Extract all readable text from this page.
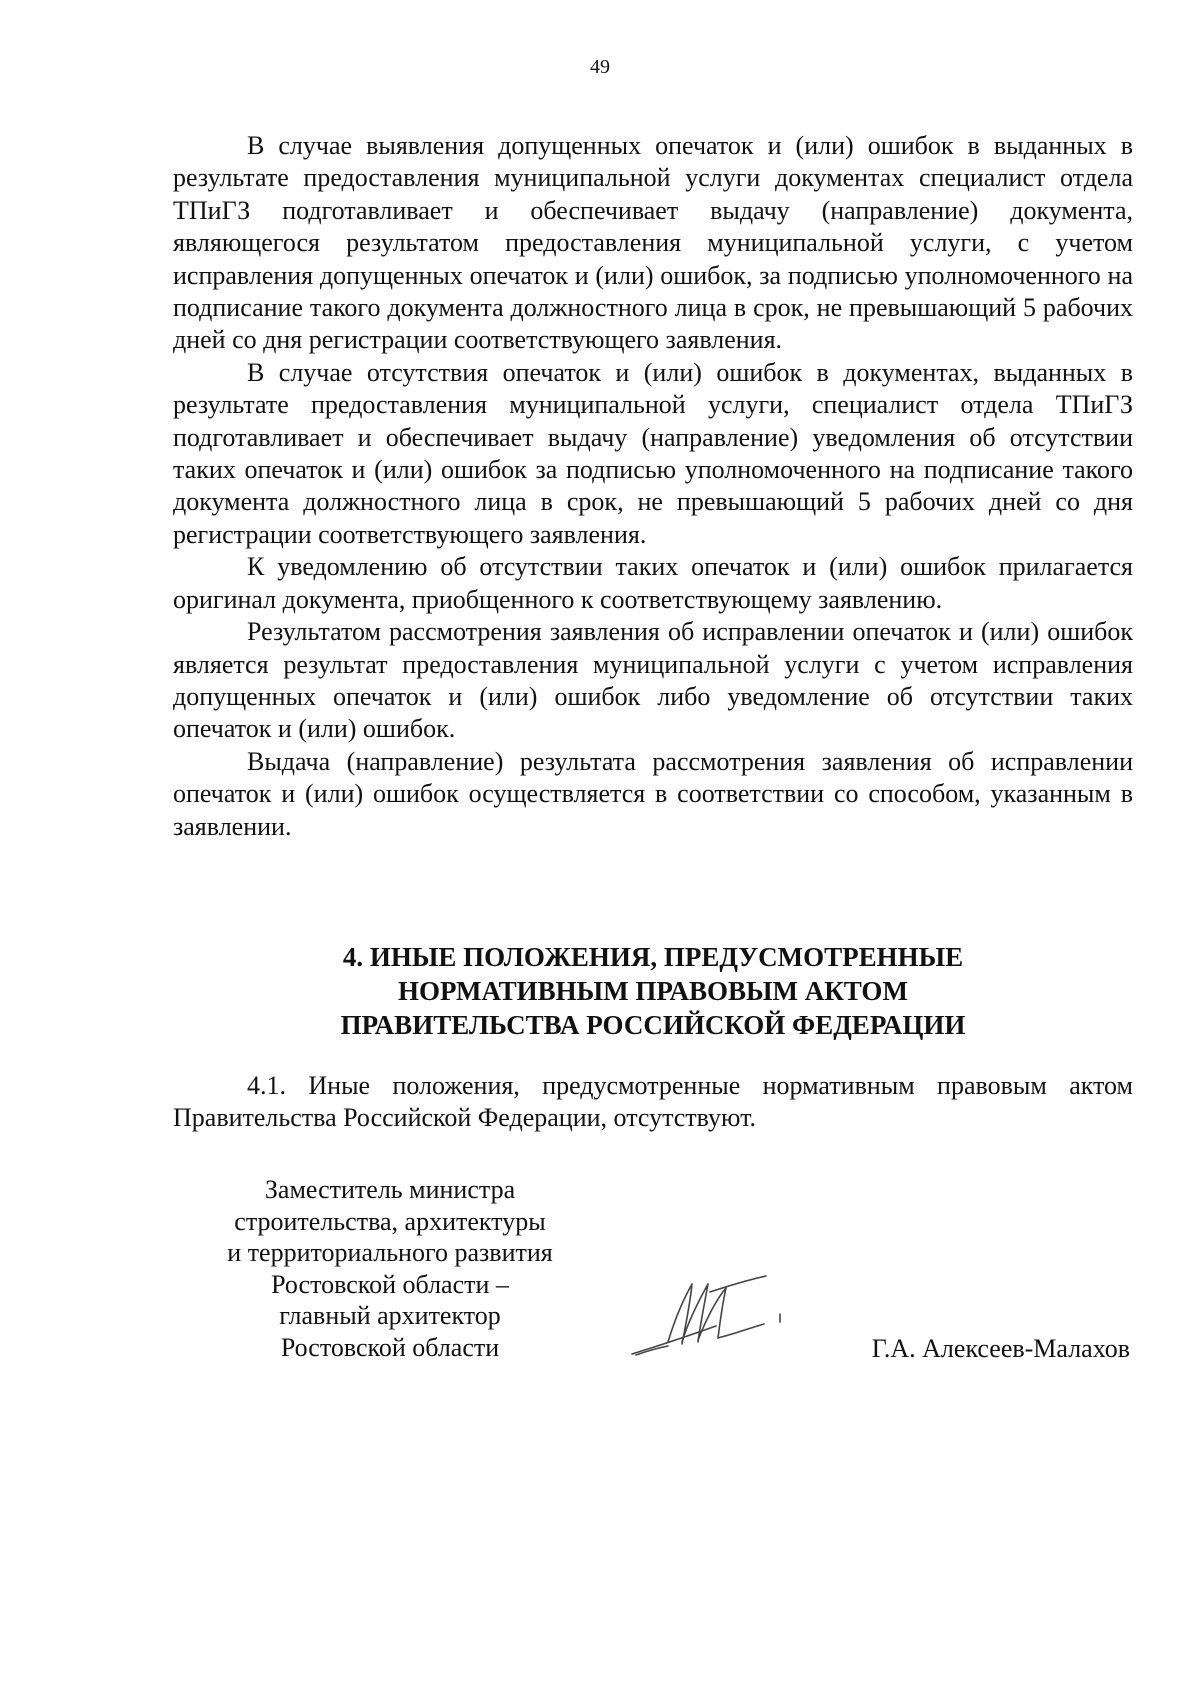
49

В случае выявления допущенных опечаток и (или) ошибок в выданных в результате предоставления муниципальной услуги документах специалист отдела ТПиГЗ подготавливает и обеспечивает выдачу (направление) документа, являющегося результатом предоставления муниципальной услуги, с учетом исправления допущенных опечаток и (или) ошибок, за подписью уполномоченного на подписание такого документа должностного лица в срок, не превышающий 5 рабочих дней со дня регистрации соответствующего заявления.

В случае отсутствия опечаток и (или) ошибок в документах, выданных в результате предоставления муниципальной услуги, специалист отдела ТПиГЗ подготавливает и обеспечивает выдачу (направление) уведомления об отсутствии таких опечаток и (или) ошибок за подписью уполномоченного на подписание такого документа должностного лица в срок, не превышающий 5 рабочих дней со дня регистрации соответствующего заявления.

К уведомлению об отсутствии таких опечаток и (или) ошибок прилагается оригинал документа, приобщенного к соответствующему заявлению.

Результатом рассмотрения заявления об исправлении опечаток и (или) ошибок является результат предоставления муниципальной услуги с учетом исправления допущенных опечаток и (или) ошибок либо уведомление об отсутствии таких опечаток и (или) ошибок.

Выдача (направление) результата рассмотрения заявления об исправлении опечаток и (или) ошибок осуществляется в соответствии со способом, указанным в заявлении.

4. ИНЫЕ ПОЛОЖЕНИЯ, ПРЕДУСМОТРЕННЫЕ
НОРМАТИВНЫМ ПРАВОВЫМ АКТОМ
ПРАВИТЕЛЬСТВА РОССИЙСКОЙ ФЕДЕРАЦИИ

4.1. Иные положения, предусмотренные нормативным правовым актом Правительства Российской Федерации, отсутствуют.

Заместитель министра
строительства, архитектуры
и территориального развития
Ростовской области –
главный архитектор
Ростовской области	Г.А. Алексеев-Малахов
